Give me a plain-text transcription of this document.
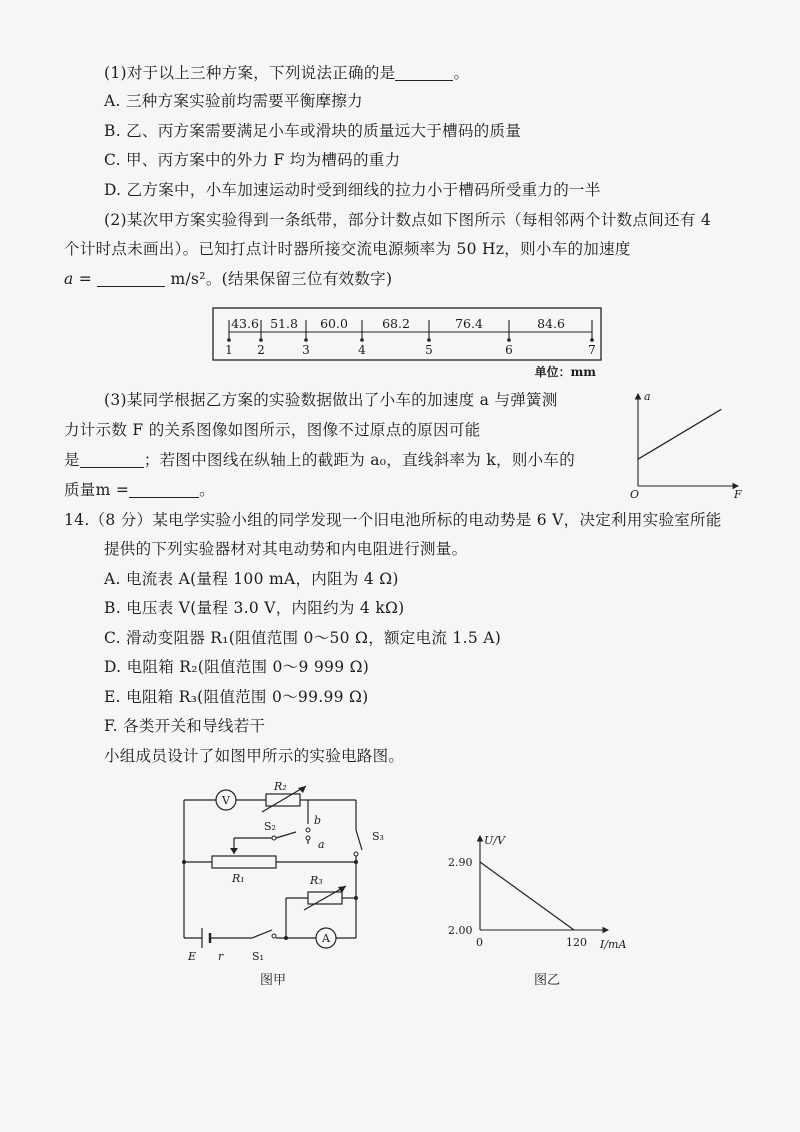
(1)对于以上三种方案，下列说法正确的是	。
A. 三种方案实验前均需要平衡摩擦力
B. 乙、丙方案需要满足小车或滑块的质量远大于槽码的质量
C. 甲、丙方案中的外力 F 均为槽码的重力
D. 乙方案中，小车加速运动时受到细线的拉力小于槽码所受重力的一半
(2)某次甲方案实验得到一条纸带，部分计数点如下图所示（每相邻两个计数点间还有 4
个计时点未画出）。已知打点计时器所接交流电源频率为 50 Hz，则小车的加速度
a =	m/s²。(结果保留三位有效数字)
43.6 51.8 60.0	68.2	76.4	84.6
1 2	3	4	5	6	7
单位：mm
(3)某同学根据乙方案的实验数据做出了小车的加速度 a 与弹簧测
力计示数 F 的关系图像如图所示，图像不过原点的原因可能
是	；若图中图线在纵轴上的截距为 a₀，直线斜率为 k，则小车的
质量m =	。
a
F
O
14.（8 分）某电学实验小组的同学发现一个旧电池所标的电动势是 6 V，决定利用实验室所能
提供的下列实验器材对其电动势和内电阻进行测量。
A. 电流表 A(量程 100 mA，内阻为 4 Ω)
B. 电压表 V(量程 3.0 V，内阻约为 4 kΩ)
C. 滑动变阻器 R₁(阻值范围 0～50 Ω，额定电流 1.5 A)
D. 电阻箱 R₂(阻值范围 0～9 999 Ω)
E. 电阻箱 R₃(阻值范围 0～99.99 Ω)
F. 各类开关和导线若干
小组成员设计了如图甲所示的实验电路图。
V
A
R₂
S₂	b
a
S₃
R₁	R₃
E r	S₁
图甲
U/V
I/mA
2.90
2.00
0	120
图乙
